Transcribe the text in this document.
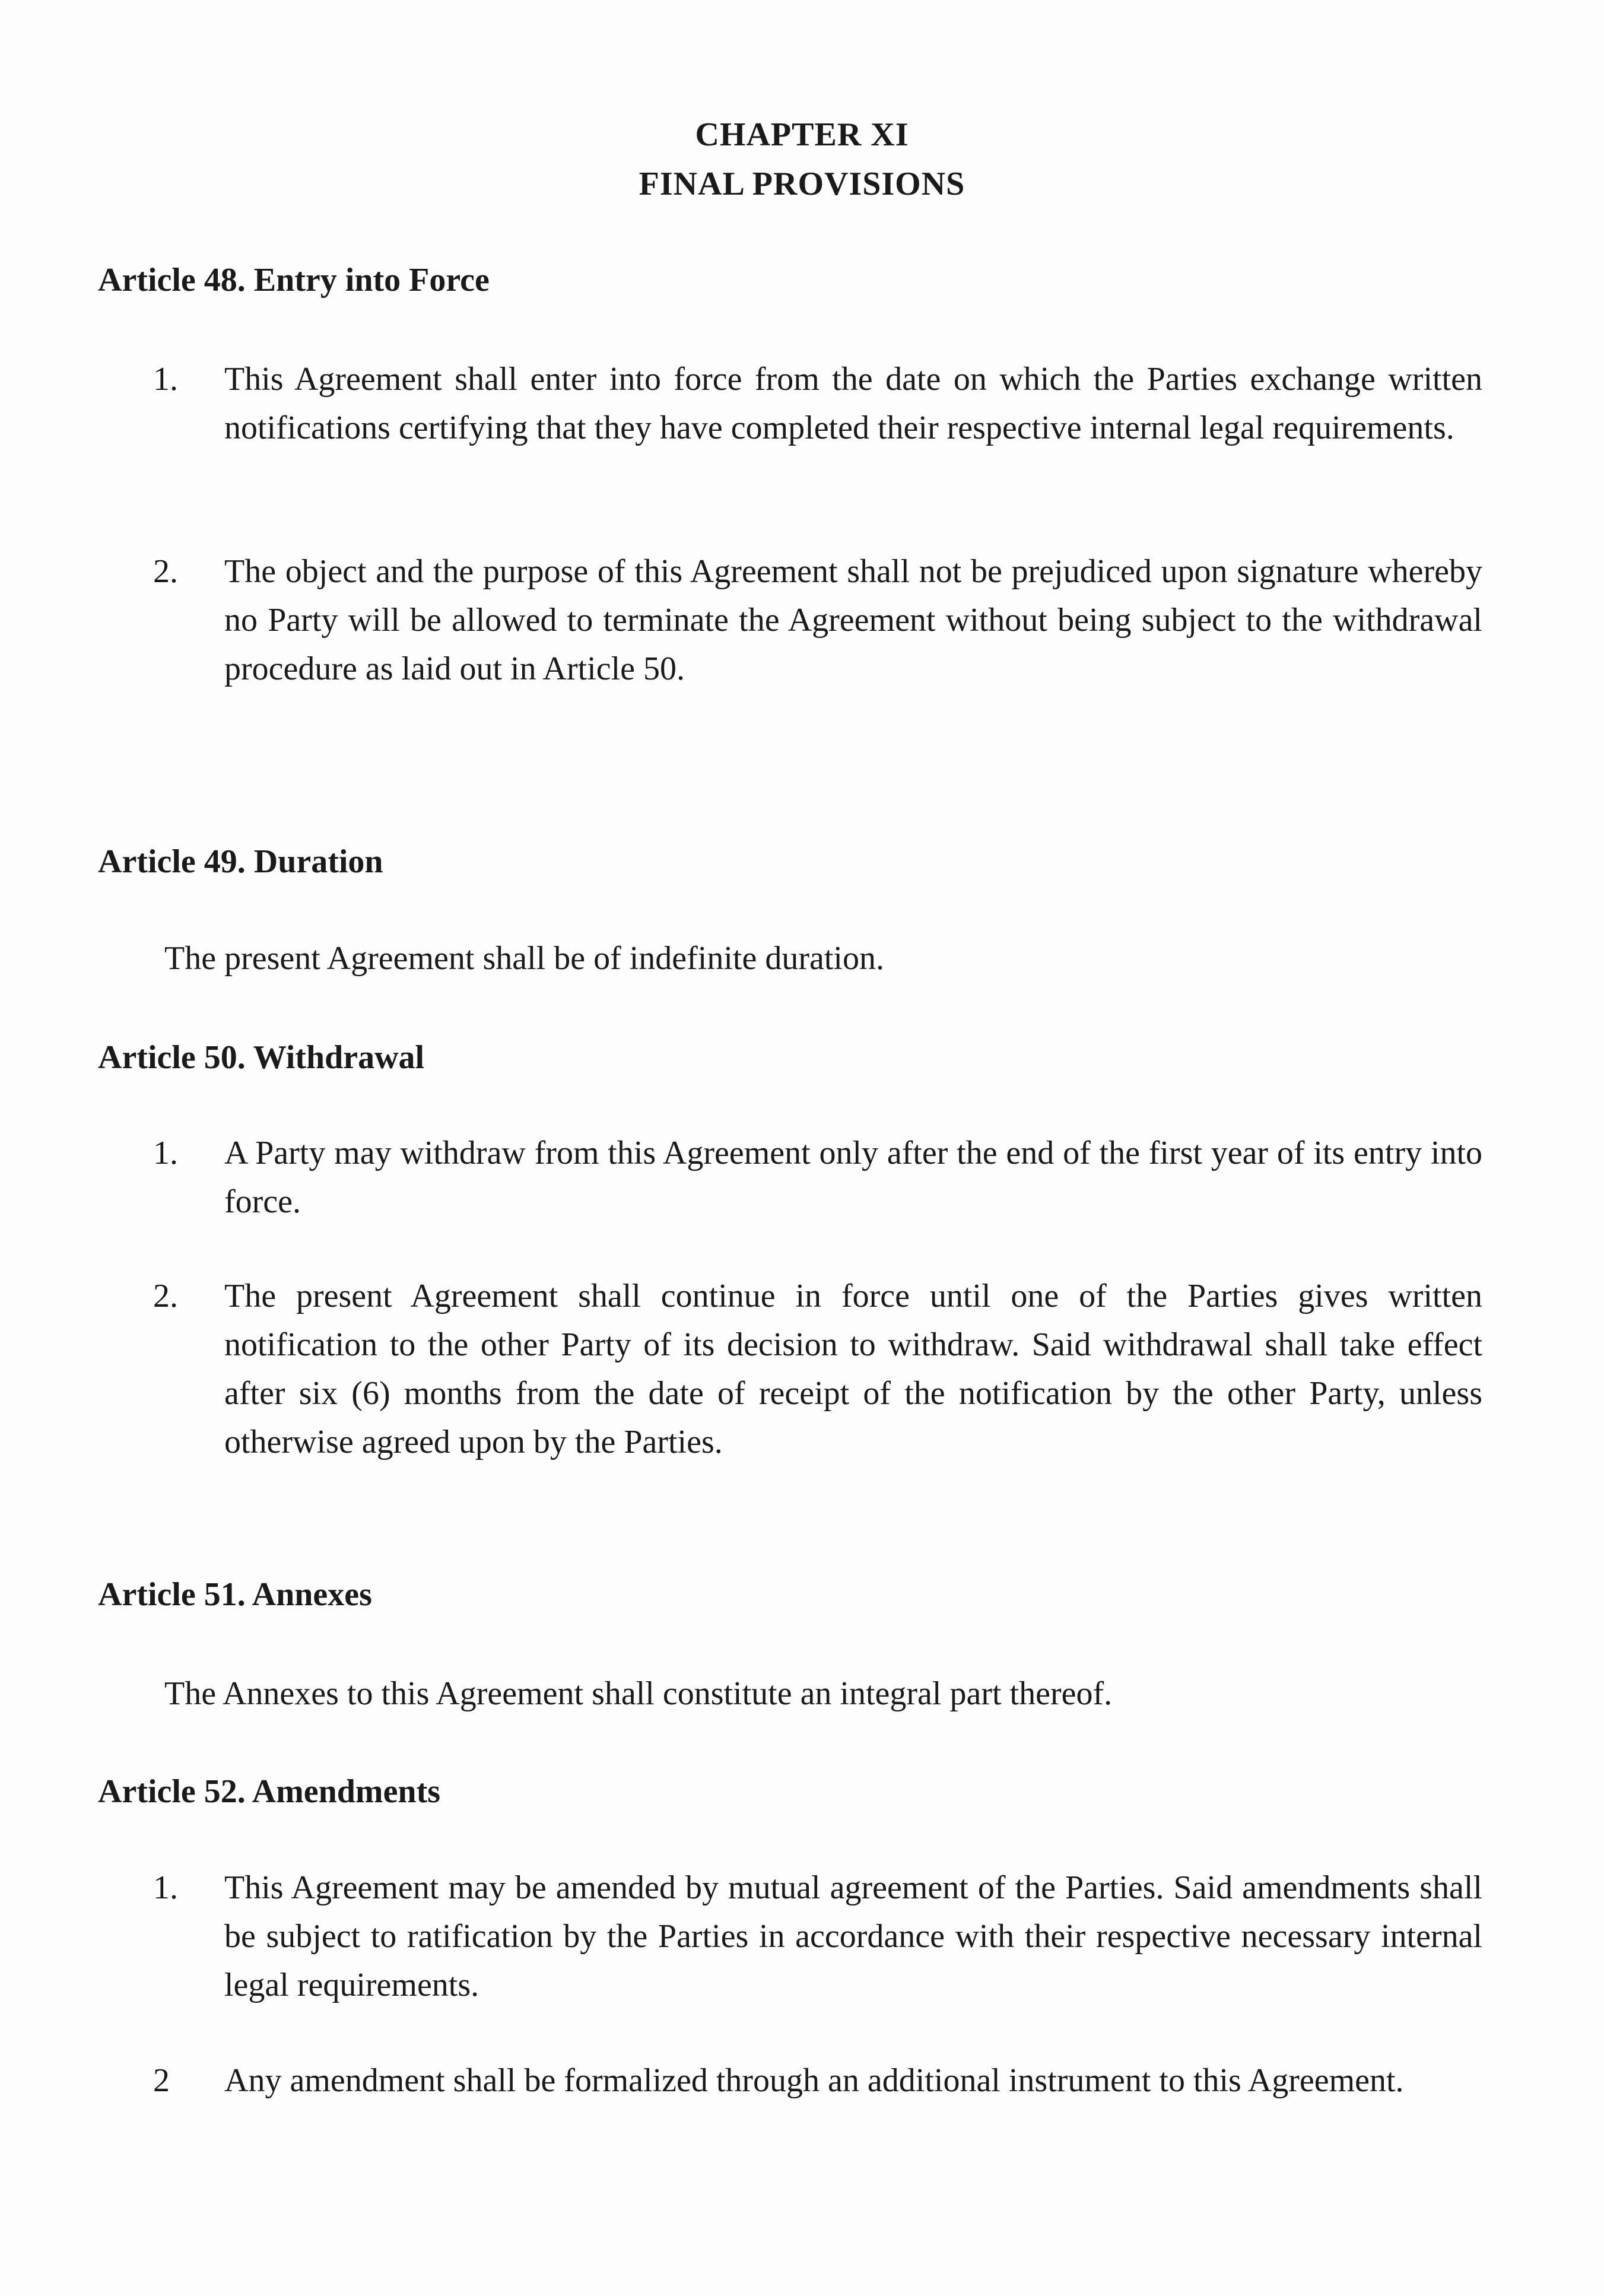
CHAPTER XI
FINAL PROVISIONS
Article 48. Entry into Force
1. This Agreement shall enter into force from the date on which the Parties exchange written notifications certifying that they have completed their respective internal legal requirements.
2. The object and the purpose of this Agreement shall not be prejudiced upon signature whereby no Party will be allowed to terminate the Agreement without being subject to the withdrawal procedure as laid out in Article 50.
Article 49. Duration
The present Agreement shall be of indefinite duration.
Article 50. Withdrawal
1. A Party may withdraw from this Agreement only after the end of the first year of its entry into force.
2. The present Agreement shall continue in force until one of the Parties gives written notification to the other Party of its decision to withdraw. Said withdrawal shall take effect after six (6) months from the date of receipt of the notification by the other Party, unless otherwise agreed upon by the Parties.
Article 51. Annexes
The Annexes to this Agreement shall constitute an integral part thereof.
Article 52. Amendments
1. This Agreement may be amended by mutual agreement of the Parties. Said amendments shall be subject to ratification by the Parties in accordance with their respective necessary internal legal requirements.
2 Any amendment shall be formalized through an additional instrument to this Agreement.
